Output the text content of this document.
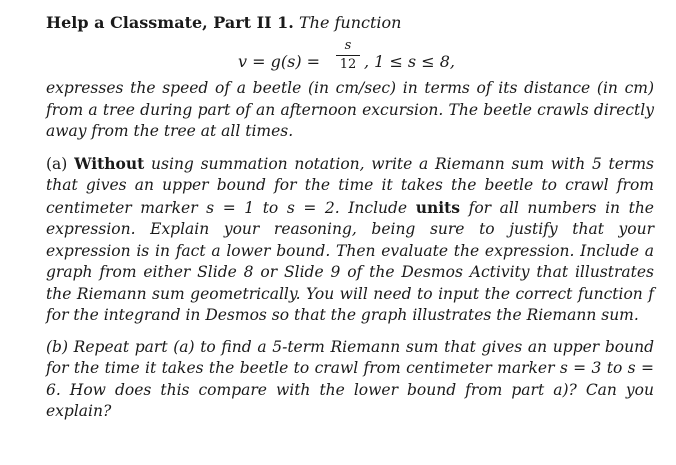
Help a Classmate, Part II 1. The function
v = g(s) =
s
12 , 1 ≤ s ≤ 8,

expresses the speed of a beetle (in cm/sec) in terms of its distance (in cm) from a tree during part of an afternoon excursion. The beetle crawls directly away from the tree at all times.

(a) Without using summation notation, write a Riemann sum with 5 terms that gives an upper bound for the time it takes the beetle to crawl from centimeter marker s = 1 to s = 2. Include units for all numbers in the expression. Explain your reasoning, being sure to justify that your expression is in fact a lower bound. Then evaluate the expression. Include a graph from either Slide 8 or Slide 9 of the Desmos Activity that illustrates the Riemann sum geometrically. You will need to input the correct function f for the integrand in Desmos so that the graph illustrates the Riemann sum.

(b) Repeat part (a) to find a 5-term Riemann sum that gives an upper bound for the time it takes the beetle to crawl from centimeter marker s = 3 to s = 6. How does this compare with the lower bound from part a)? Can you explain?
